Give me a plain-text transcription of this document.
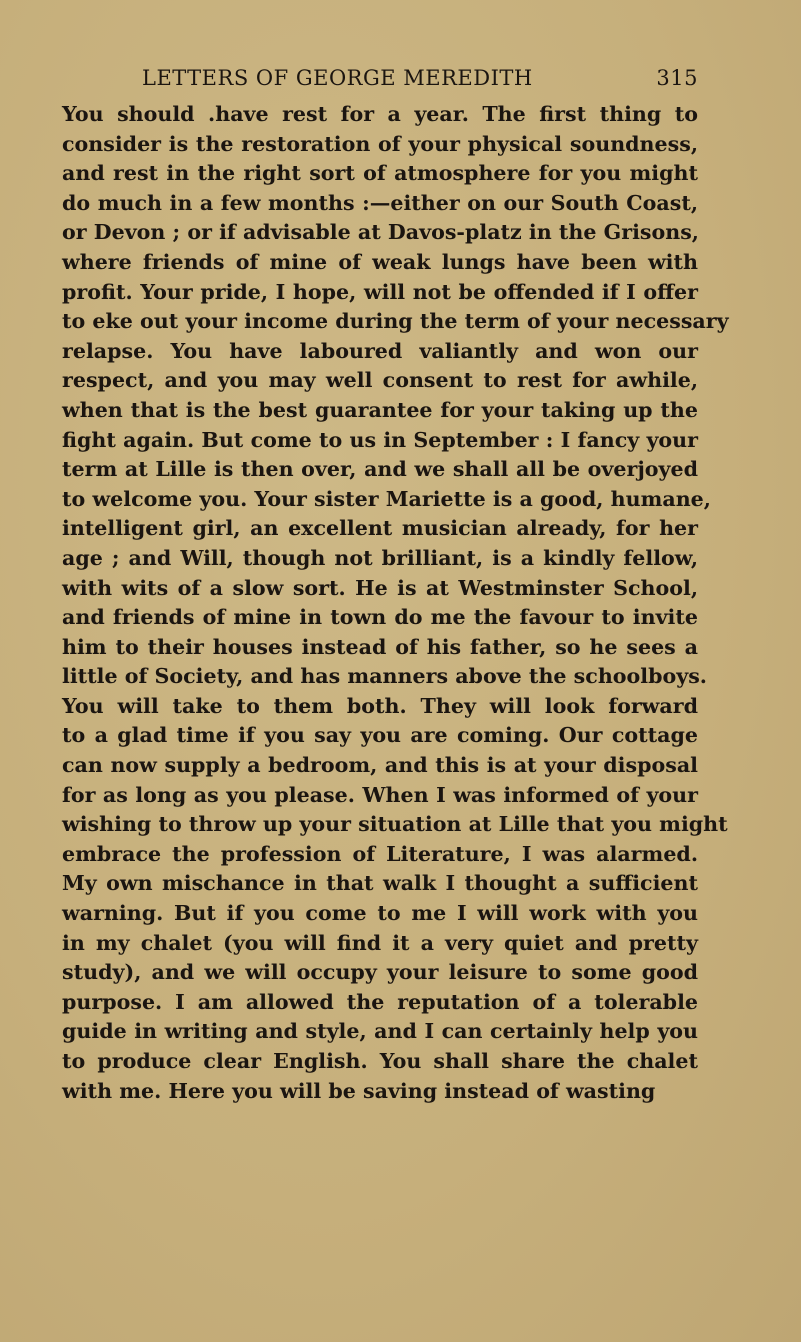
LETTERS OF GEORGE MEREDITH	315
You should .have rest for a year. The first thing to
consider is the restoration of your physical soundness,
and rest in the right sort of atmosphere for you might
do much in a few months :—either on our South Coast,
or Devon ; or if advisable at Davos-platz in the Grisons,
where friends of mine of weak lungs have been with
profit. Your pride, I hope, will not be offended if I offer
to eke out your income during the term of your necessary
relapse. You have laboured valiantly and won our
respect, and you may well consent to rest for awhile,
when that is the best guarantee for your taking up the
fight again. But come to us in September : I fancy your
term at Lille is then over, and we shall all be overjoyed
to welcome you. Your sister Mariette is a good, humane,
intelligent girl, an excellent musician already, for her
age ; and Will, though not brilliant, is a kindly fellow,
with wits of a slow sort. He is at Westminster School,
and friends of mine in town do me the favour to invite
him to their houses instead of his father, so he sees a
little of Society, and has manners above the schoolboys.
You will take to them both. They will look forward
to a glad time if you say you are coming. Our cottage
can now supply a bedroom, and this is at your disposal
for as long as you please. When I was informed of your
wishing to throw up your situation at Lille that you might
embrace the profession of Literature, I was alarmed.
My own mischance in that walk I thought a sufficient
warning. But if you come to me I will work with you
in my chalet (you will find it a very quiet and pretty
study), and we will occupy your leisure to some good
purpose. I am allowed the reputation of a tolerable
guide in writing and style, and I can certainly help you
to produce clear English. You shall share the chalet
with me. Here you will be saving instead of wasting
